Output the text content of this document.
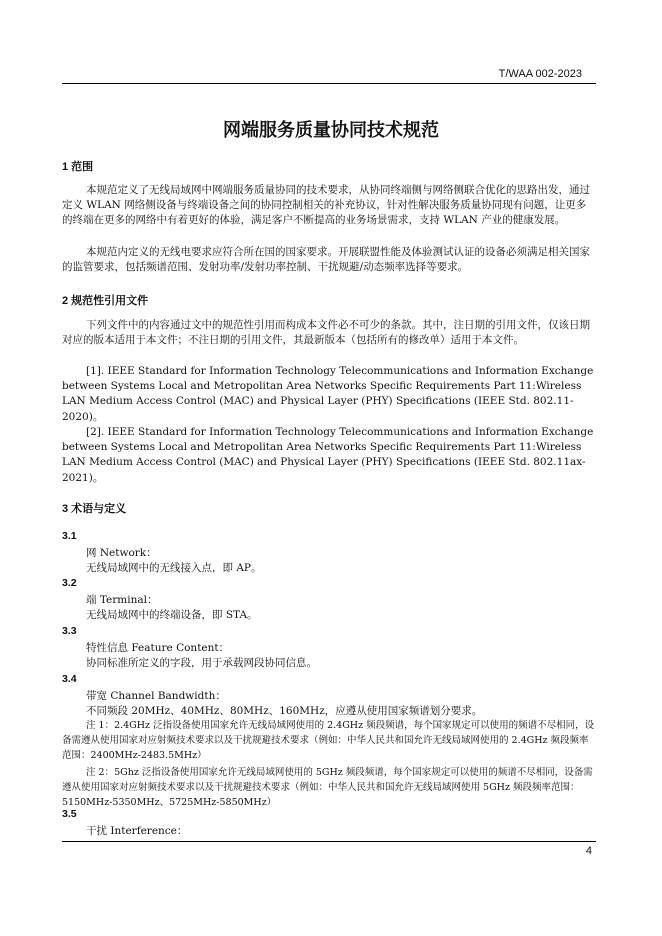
T/WAA 002-2023
网端服务质量协同技术规范
1 范围

本规范定义了无线局域网中网端服务质量协同的技术要求，从协同终端侧与网络侧联合优化的思路出发，通过定义 WLAN 网络侧设备与终端设备之间的协同控制相关的补充协议，针对性解决服务质量协同现有问题，让更多的终端在更多的网络中有着更好的体验，满足客户不断提高的业务场景需求，支持 WLAN 产业的健康发展。

本规范内定义的无线电要求应符合所在国的国家要求。开展联盟性能及体验测试认证的设备必须满足相关国家的监管要求，包括频谱范围、发射功率/发射功率控制、干扰规避/动态频率选择等要求。

2 规范性引用文件

下列文件中的内容通过文中的规范性引用而构成本文件必不可少的条款。其中，注日期的引用文件，仅该日期对应的版本适用于本文件；不注日期的引用文件，其最新版本（包括所有的修改单）适用于本文件。

[1]. IEEE Standard for Information Technology Telecommunications and Information Exchange between Systems Local and Metropolitan Area Networks Specific Requirements Part 11:Wireless LAN Medium Access Control (MAC) and Physical Layer (PHY) Specifications (IEEE Std. 802.11-2020)。

[2]. IEEE Standard for Information Technology Telecommunications and Information Exchange between Systems Local and Metropolitan Area Networks Specific Requirements Part 11:Wireless LAN Medium Access Control (MAC) and Physical Layer (PHY) Specifications (IEEE Std. 802.11ax-2021)。

3 术语与定义
3.1
网 Network：
无线局域网中的无线接入点，即 AP。
3.2
端 Terminal：
无线局域网中的终端设备，即 STA。
3.3
特性信息 Feature Content：
协同标准所定义的字段，用于承载网段协同信息。
3.4
带宽 Channel Bandwidth：
不同频段 20MHz、40MHz、80MHz、160MHz，应遵从使用国家频谱划分要求。

注 1：2.4GHz 泛指设备使用国家允许无线局域网使用的 2.4GHz 频段频谱，每个国家规定可以使用的频谱不尽相同，设备需遵从使用国家对应射频技术要求以及干扰规避技术要求（例如：中华人民共和国允许无线局域网使用的 2.4GHz 频段频率范围：2400MHz-2483.5MHz）

注 2：5Ghz 泛指设备使用国家允许无线局域网使用的 5GHz 频段频谱，每个国家规定可以使用的频谱不尽相同，设备需遵从使用国家对应射频技术要求以及干扰规避技术要求（例如：中华人民共和国允许无线局域网使用 5GHz 频段频率范围：5150MHz-5350MHz、5725MHz-5850MHz）

3.5
干扰 Interference：
4
